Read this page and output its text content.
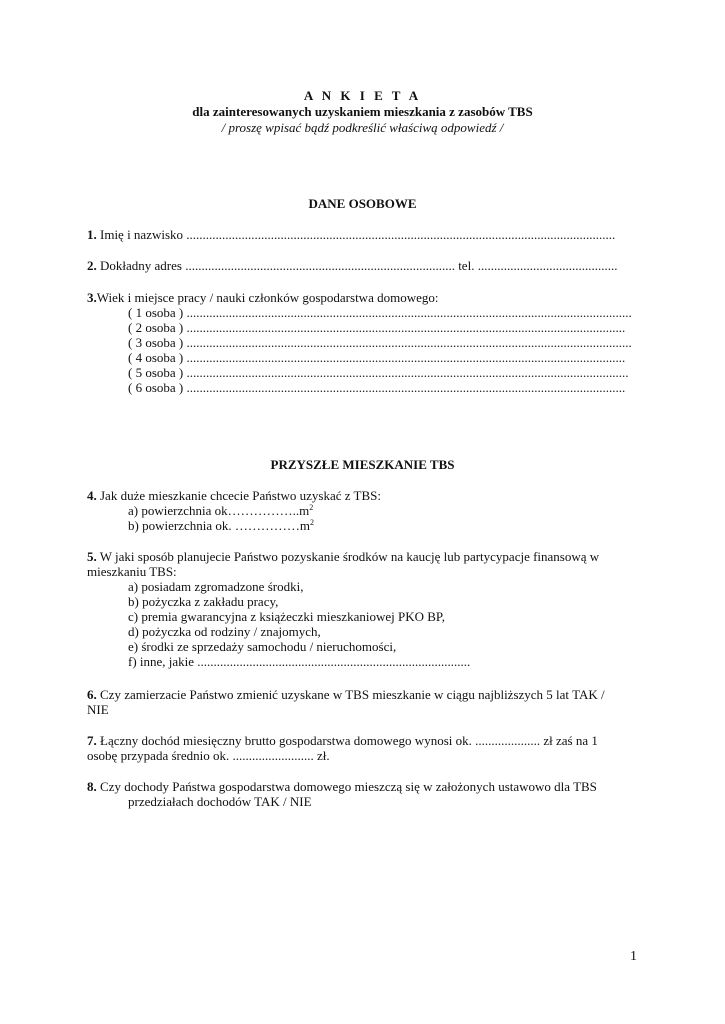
A N K I E T A
dla zainteresowanych uzyskaniem mieszkania z zasobów TBS
/ proszę wpisać bądź podkreślić właściwą odpowiedź /
DANE OSOBOWE
1. Imię i nazwisko ....................................................................................................................................
2. Dokładny adres ................................................................................... tel. ...........................................
3.Wiek i miejsce pracy / nauki członków gospodarstwa domowego:
( 1 osoba ) .........................................................................................................................................
( 2 osoba ) .......................................................................................................................................
( 3 osoba ) .........................................................................................................................................
( 4 osoba ) .......................................................................................................................................
( 5 osoba ) ........................................................................................................................................
( 6 osoba ) .......................................................................................................................................
PRZYSZŁE MIESZKANIE TBS
4. Jak duże mieszkanie chcecie Państwo uzyskać z TBS:
a) powierzchnia $ok\dots\dots\dots\dots\dots..m^2$
b) powierzchnia ok. $\dots\dots\dots\dots\dots m^2$
5. W jaki sposób planujecie Państwo pozyskanie środków na kaucję lub partycypacje finansową w
mieszkaniu TBS:
a) posiadam zgromadzone środki,
b) pożyczka z zakładu pracy,
c) premia gwarancyjna z książeczki mieszkaniowej PKO BP,
d) pożyczka od rodziny / znajomych,
e) środki ze sprzedaży samochodu / nieruchomości,
f) inne, jakie ....................................................................................
6. Czy zamierzacie Państwo zmienić uzyskane w TBS mieszkanie w ciągu najbliższych 5 lat TAK /
NIE
7. Łączny dochód miesięczny brutto gospodarstwa domowego wynosi ok. .................... zł zaś na 1
osobę przypada średnio ok. ......................... zł.
8. Czy dochody Państwa gospodarstwa domowego mieszczą się w założonych ustawowo dla TBS
przedziałach dochodów TAK / NIE
1
